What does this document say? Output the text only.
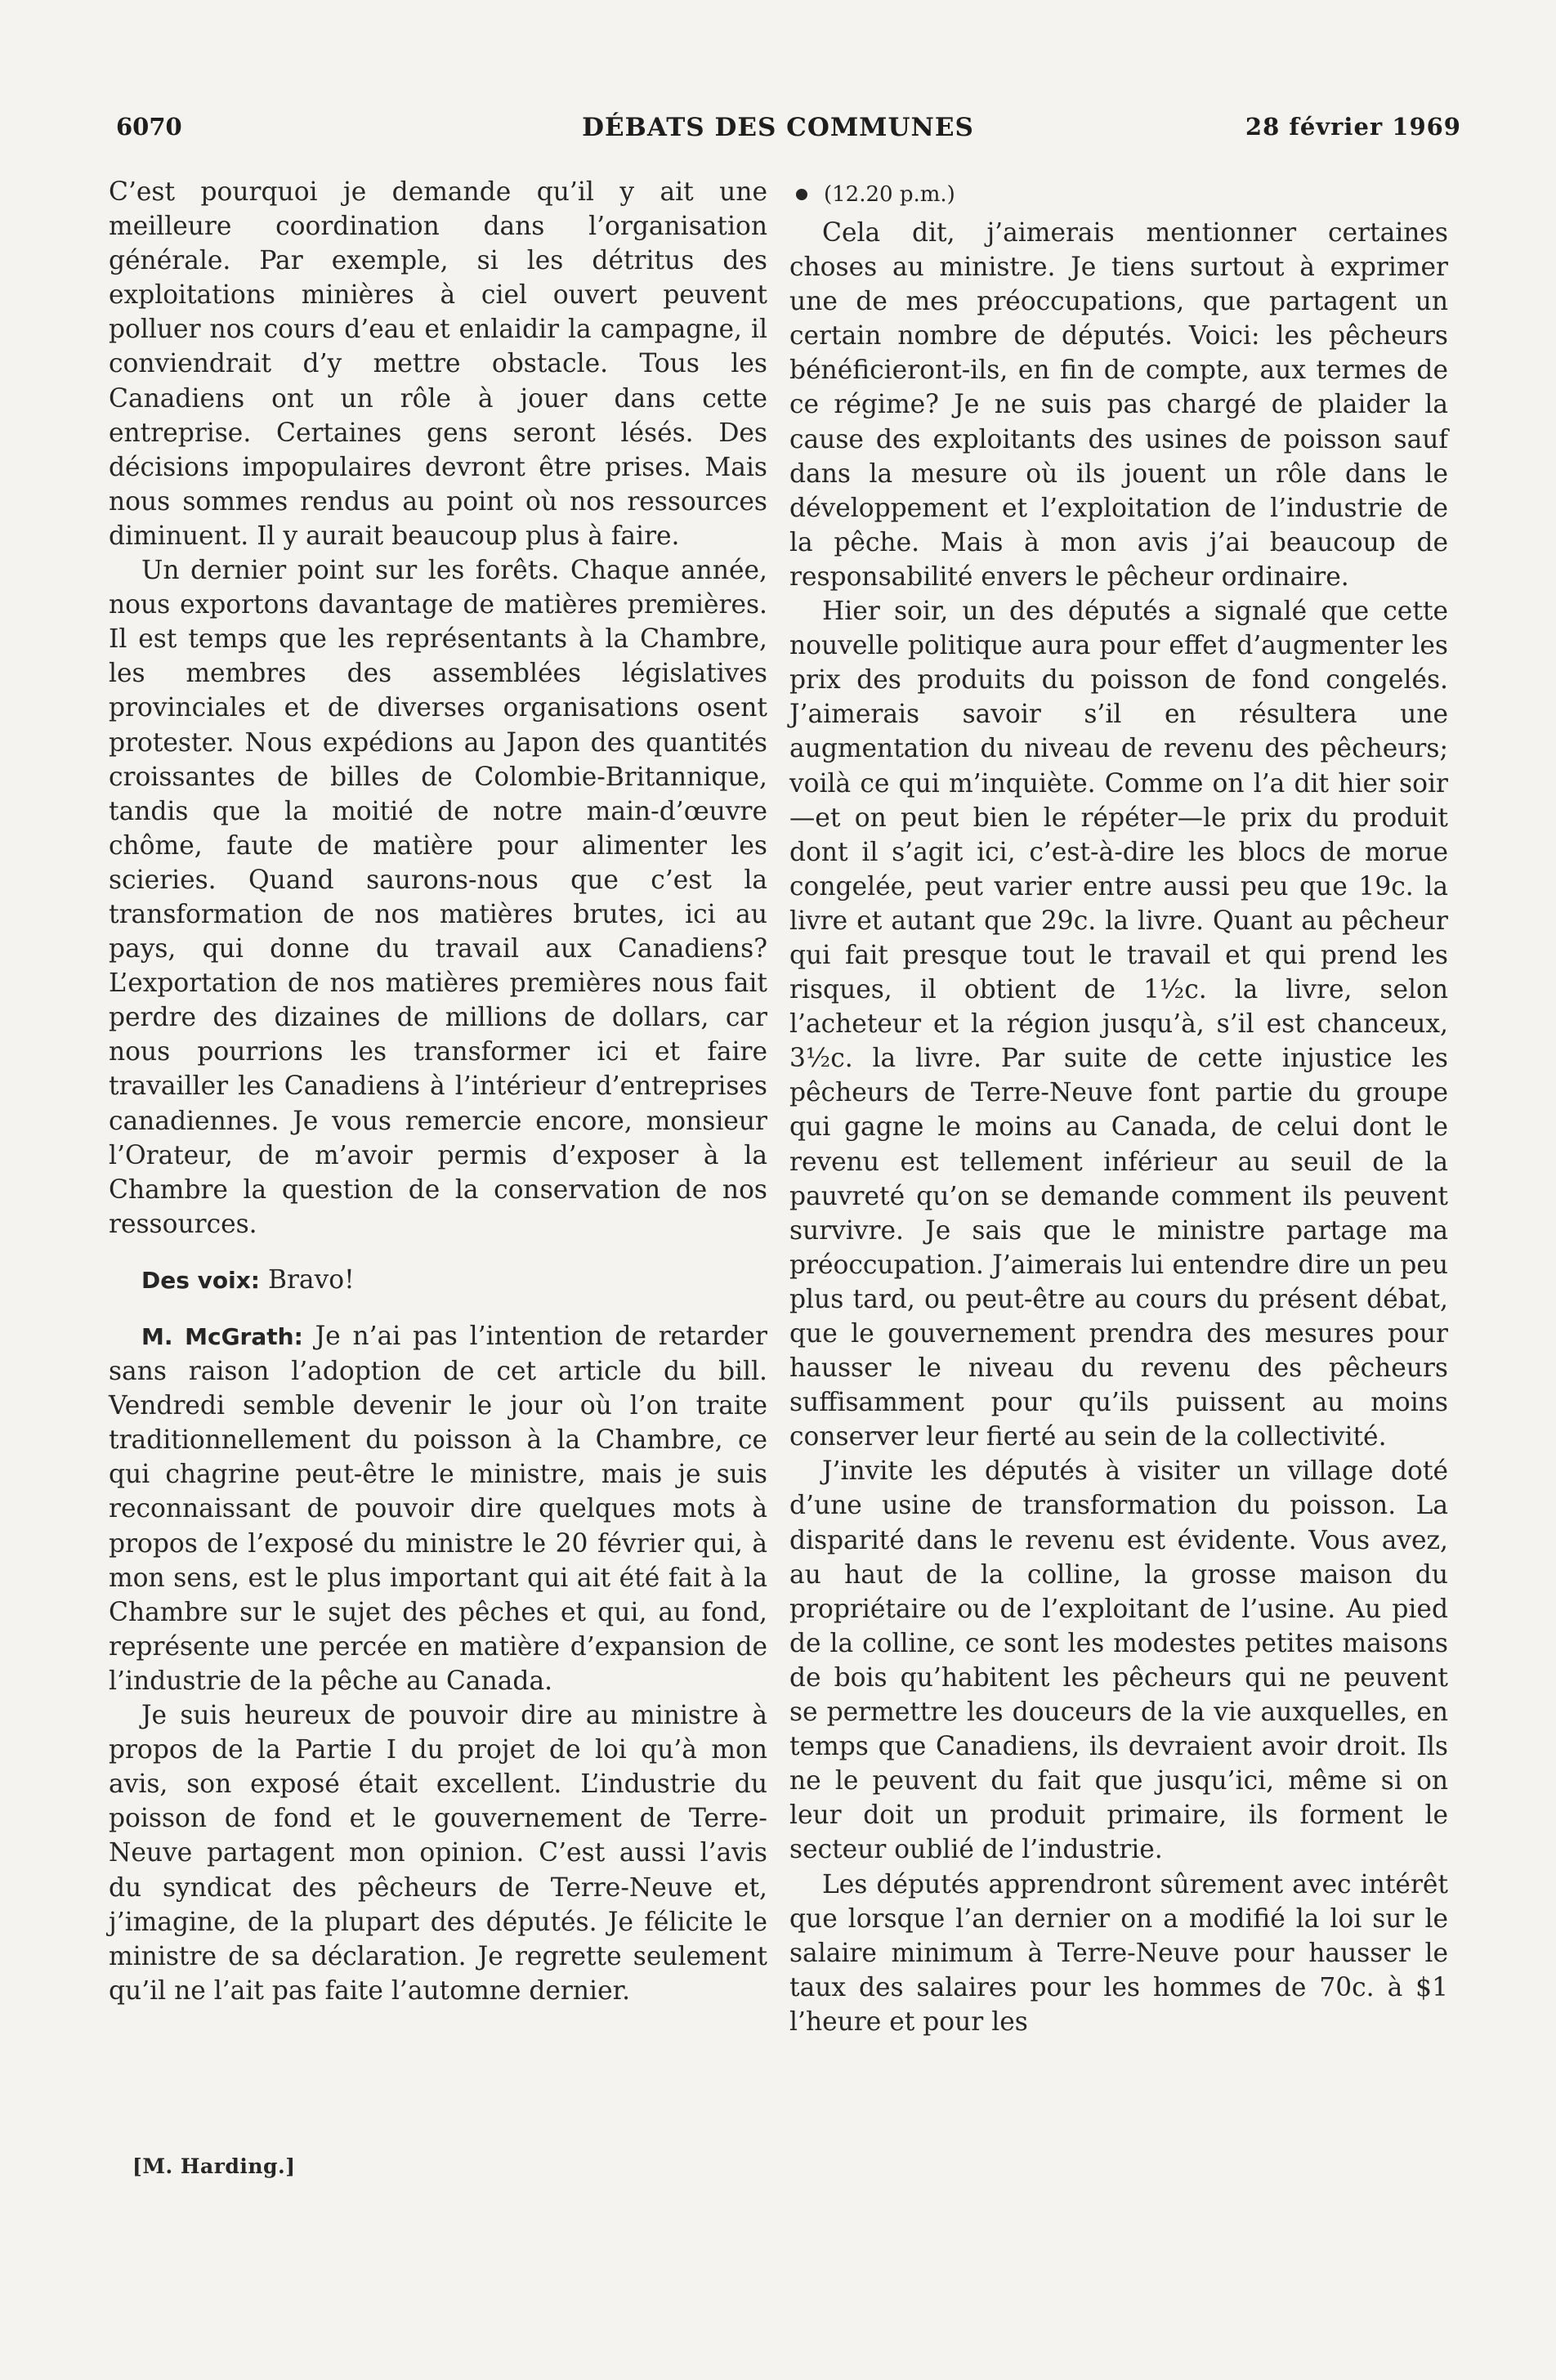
6070	DÉBATS DES COMMUNES	28 février 1969

C’est pourquoi je demande qu’il y ait une meilleure coordination dans l’organisation générale. Par exemple, si les détritus des exploitations minières à ciel ouvert peuvent polluer nos cours d’eau et enlaidir la campagne, il conviendrait d’y mettre obstacle. Tous les Canadiens ont un rôle à jouer dans cette entreprise. Certaines gens seront lésés. Des décisions impopulaires devront être prises. Mais nous sommes rendus au point où nos ressources diminuent. Il y aurait beaucoup plus à faire.

Un dernier point sur les forêts. Chaque année, nous exportons davantage de matières premières. Il est temps que les représentants à la Chambre, les membres des assemblées législatives provinciales et de diverses organisations osent protester. Nous expédions au Japon des quantités croissantes de billes de Colombie-Britannique, tandis que la moitié de notre main-d’œuvre chôme, faute de matière pour alimenter les scieries. Quand saurons-nous que c’est la transformation de nos matières brutes, ici au pays, qui donne du travail aux Canadiens? L’exportation de nos matières premières nous fait perdre des dizaines de millions de dollars, car nous pourrions les transformer ici et faire travailler les Canadiens à l’intérieur d’entreprises canadiennes. Je vous remercie encore, monsieur l’Orateur, de m’avoir permis d’exposer à la Chambre la question de la conservation de nos ressources.

Des voix: Bravo!

M. McGrath: Je n’ai pas l’intention de retarder sans raison l’adoption de cet article du bill. Vendredi semble devenir le jour où l’on traite traditionnellement du poisson à la Chambre, ce qui chagrine peut-être le ministre, mais je suis reconnaissant de pouvoir dire quelques mots à propos de l’exposé du ministre le 20 février qui, à mon sens, est le plus important qui ait été fait à la Chambre sur le sujet des pêches et qui, au fond, représente une percée en matière d’expansion de l’industrie de la pêche au Canada.

Je suis heureux de pouvoir dire au ministre à propos de la Partie I du projet de loi qu’à mon avis, son exposé était excellent. L’industrie du poisson de fond et le gouvernement de Terre-Neuve partagent mon opinion. C’est aussi l’avis du syndicat des pêcheurs de Terre-Neuve et, j’imagine, de la plupart des députés. Je félicite le ministre de sa déclaration. Je regrette seulement qu’il ne l’ait pas faite l’automne dernier.

[M. Harding.]
(12.20 p.m.)

Cela dit, j’aimerais mentionner certaines choses au ministre. Je tiens surtout à exprimer une de mes préoccupations, que partagent un certain nombre de députés. Voici: les pêcheurs bénéficieront-ils, en fin de compte, aux termes de ce régime? Je ne suis pas chargé de plaider la cause des exploitants des usines de poisson sauf dans la mesure où ils jouent un rôle dans le développement et l’exploitation de l’industrie de la pêche. Mais à mon avis j’ai beaucoup de responsabilité envers le pêcheur ordinaire.

Hier soir, un des députés a signalé que cette nouvelle politique aura pour effet d’augmenter les prix des produits du poisson de fond congelés. J’aimerais savoir s’il en résultera une augmentation du niveau de revenu des pêcheurs; voilà ce qui m’inquiète. Comme on l’a dit hier soir—et on peut bien le répéter—le prix du produit dont il s’agit ici, c’est-à-dire les blocs de morue congelée, peut varier entre aussi peu que 19c. la livre et autant que 29c. la livre. Quant au pêcheur qui fait presque tout le travail et qui prend les risques, il obtient de 1½c. la livre, selon l’acheteur et la région jusqu’à, s’il est chanceux, 3½c. la livre. Par suite de cette injustice les pêcheurs de Terre-Neuve font partie du groupe qui gagne le moins au Canada, de celui dont le revenu est tellement inférieur au seuil de la pauvreté qu’on se demande comment ils peuvent survivre. Je sais que le ministre partage ma préoccupation. J’aimerais lui entendre dire un peu plus tard, ou peut-être au cours du présent débat, que le gouvernement prendra des mesures pour hausser le niveau du revenu des pêcheurs suffisamment pour qu’ils puissent au moins conserver leur fierté au sein de la collectivité.

J’invite les députés à visiter un village doté d’une usine de transformation du poisson. La disparité dans le revenu est évidente. Vous avez, au haut de la colline, la grosse maison du propriétaire ou de l’exploitant de l’usine. Au pied de la colline, ce sont les modestes petites maisons de bois qu’habitent les pêcheurs qui ne peuvent se permettre les douceurs de la vie auxquelles, en temps que Canadiens, ils devraient avoir droit. Ils ne le peuvent du fait que jusqu’ici, même si on leur doit un produit primaire, ils forment le secteur oublié de l’industrie.

Les députés apprendront sûrement avec intérêt que lorsque l’an dernier on a modifié la loi sur le salaire minimum à Terre-Neuve pour hausser le taux des salaires pour les hommes de 70c. à $1 l’heure et pour les
